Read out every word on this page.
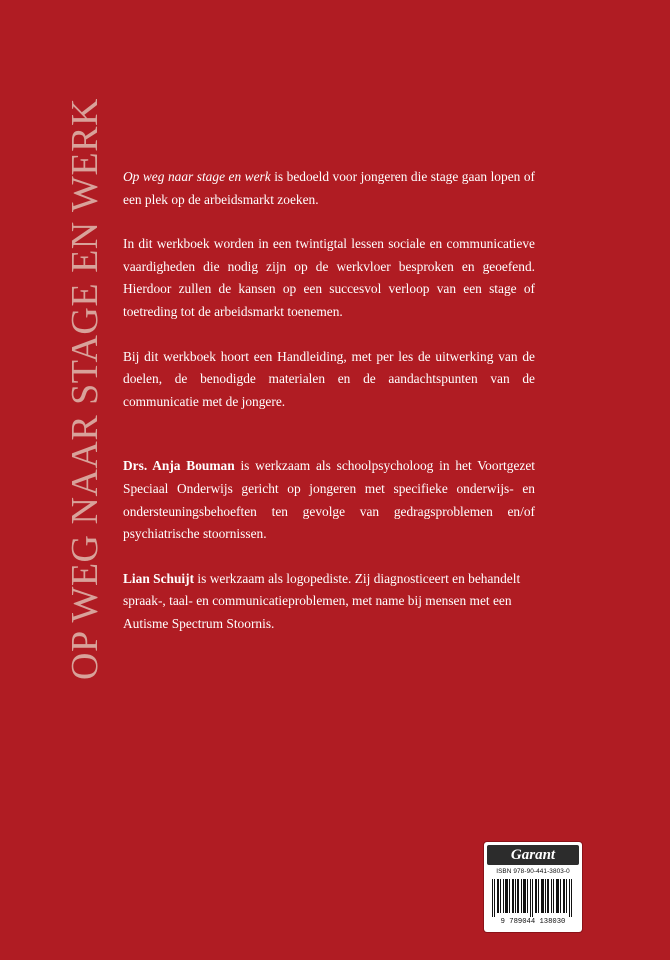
OP WEG NAAR STAGE EN WERK	Op weg naar stage en werk is bedoeld voor jongeren die stage gaan lopen of een plek op de arbeidsmarkt zoeken.

In dit werkboek worden in een twintigtal lessen sociale en communicatieve vaardigheden die nodig zijn op de werkvloer besproken en geoefend. Hierdoor zullen de kansen op een succesvol verloop van een stage of toetreding tot de arbeidsmarkt toenemen.

Bij dit werkboek hoort een Handleiding, met per les de uitwerking van de doelen, de benodigde materialen en de aandachtspunten van de communicatie met de jongere.

Drs. Anja Bouman is werkzaam als schoolpsycholoog in het Voortgezet Speciaal Onderwijs gericht op jongeren met specifieke onderwijs- en ondersteuningsbehoeften ten gevolge van gedragsproblemen en/of psychiatrische stoornissen.

Lian Schuijt is werkzaam als logopediste. Zij diagnosticeert en behandelt spraak-, taal- en communicatieproblemen, met name bij mensen met een Autisme Spectrum Stoornis.

Garant
ISBN 978-90-441-3803-0
9 789044 138030
